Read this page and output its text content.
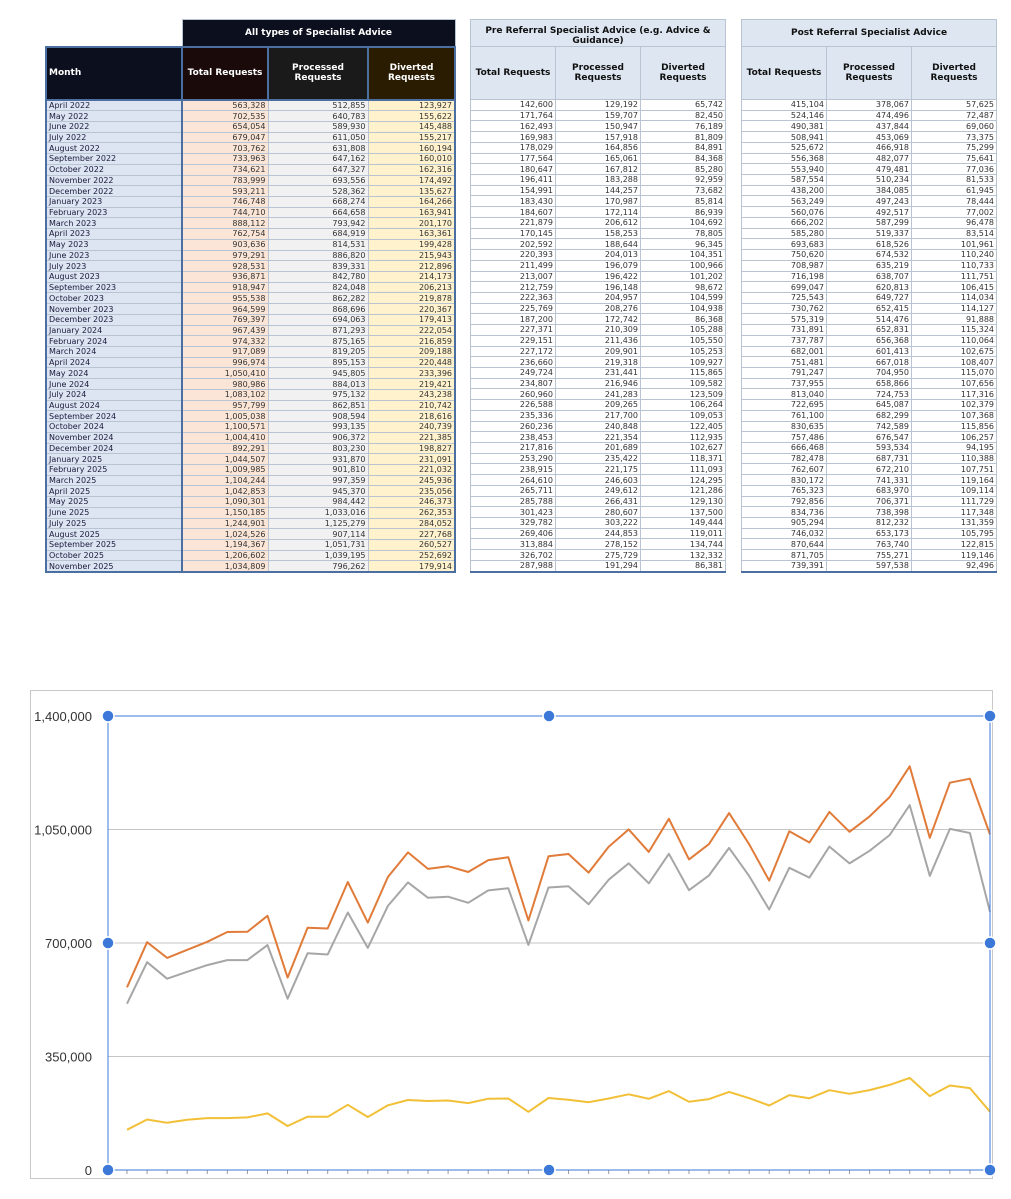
	All types of Specialist Advice		
Month	Total Requests	Processed Requests	Diverted Requests
April 2022	563,328	512,855	123,927
May 2022	702,535	640,783	155,622
June 2022	654,054	589,930	145,488
July 2022	679,047	611,050	155,217
August 2022	703,762	631,808	160,194
September 2022	733,963	647,162	160,010
October 2022	734,621	647,327	162,316
November 2022	783,999	693,556	174,492
December 2022	593,211	528,362	135,627
January 2023	746,748	668,274	164,266
February 2023	744,710	664,658	163,941
March 2023	888,112	793,942	201,170
April 2023	762,754	684,919	163,361
May 2023	903,636	814,531	199,428
June 2023	979,291	886,820	215,943
July 2023	928,531	839,331	212,896
August 2023	936,871	842,780	214,173
September 2023	918,947	824,048	206,213
October 2023	955,538	862,282	219,878
November 2023	964,599	868,696	220,367
December 2023	769,397	694,063	179,413
January 2024	967,439	871,293	222,054
February 2024	974,332	875,165	216,859
March 2024	917,089	819,205	209,188
April 2024	996,974	895,153	220,448
May 2024	1,050,410	945,805	233,396
June 2024	980,986	884,013	219,421
July 2024	1,083,102	975,132	243,238
August 2024	957,799	862,851	210,742
September 2024	1,005,038	908,594	218,616
October 2024	1,100,571	993,135	240,739
November 2024	1,004,410	906,372	221,385
December 2024	892,291	803,230	198,827
January 2025	1,044,507	931,870	231,091
February 2025	1,009,985	901,810	221,032
March 2025	1,104,244	997,359	245,936
April 2025	1,042,853	945,370	235,056
May 2025	1,090,301	984,442	246,373
June 2025	1,150,185	1,033,016	262,353
July 2025	1,244,901	1,125,279	284,052
August 2025	1,024,526	907,114	227,768
September 2025	1,194,367	1,051,731	260,527
October 2025	1,206,602	1,039,195	252,692
November 2025	1,034,809	796,262	179,914
Pre Referral Specialist Advice (e.g. Advice & Guidance)		
Total Requests	Processed Requests	Diverted Requests
142,600	129,192	65,742
171,764	159,707	82,450
162,493	150,947	76,189
169,983	157,918	81,809
178,029	164,856	84,891
177,564	165,061	84,368
180,647	167,812	85,280
196,411	183,288	92,959
154,991	144,257	73,682
183,430	170,987	85,814
184,607	172,114	86,939
221,879	206,612	104,692
170,145	158,253	78,805
202,592	188,644	96,345
220,393	204,013	104,351
211,499	196,079	100,966
213,007	196,422	101,202
212,759	196,148	98,672
222,363	204,957	104,599
225,769	208,276	104,938
187,200	172,742	86,368
227,371	210,309	105,288
229,151	211,436	105,550
227,172	209,901	105,253
236,660	219,318	109,927
249,724	231,441	115,865
234,807	216,946	109,582
260,960	241,283	123,509
226,588	209,265	106,264
235,336	217,700	109,053
260,236	240,848	122,405
238,453	221,354	112,935
217,816	201,689	102,627
253,290	235,422	118,371
238,915	221,175	111,093
264,610	246,603	124,295
265,711	249,612	121,286
285,788	266,431	129,130
301,423	280,607	137,500
329,782	303,222	149,444
269,406	244,853	119,011
313,884	278,152	134,744
326,702	275,729	132,332
287,988	191,294	86,381
Post Referral Specialist Advice		
Total Requests	Processed Requests	Diverted Requests
415,104	378,067	57,625
524,146	474,496	72,487
490,381	437,844	69,060
508,941	453,069	73,375
525,672	466,918	75,299
556,368	482,077	75,641
553,940	479,481	77,036
587,554	510,234	81,533
438,200	384,085	61,945
563,249	497,243	78,444
560,076	492,517	77,002
666,202	587,299	96,478
585,280	519,337	83,514
693,683	618,526	101,961
750,620	674,532	110,240
708,987	635,219	110,733
716,198	638,707	111,751
699,047	620,813	106,415
725,543	649,727	114,034
730,762	652,415	114,127
575,319	514,476	91,888
731,891	652,831	115,324
737,787	656,368	110,064
682,001	601,413	102,675
751,481	667,018	108,407
791,247	704,950	115,070
737,955	658,866	107,656
813,040	724,753	117,316
722,695	645,087	102,379
761,100	682,299	107,368
830,635	742,589	115,856
757,486	676,547	106,257
666,468	593,534	94,195
782,478	687,731	110,388
762,607	672,210	107,751
830,172	741,331	119,164
765,323	683,970	109,114
792,856	706,371	111,729
834,736	738,398	117,348
905,294	812,232	131,359
746,032	653,173	105,795
870,644	763,740	122,815
871,705	755,271	119,146
739,391	597,538	92,496
0
350,000
700,000
1,050,000
1,400,000
